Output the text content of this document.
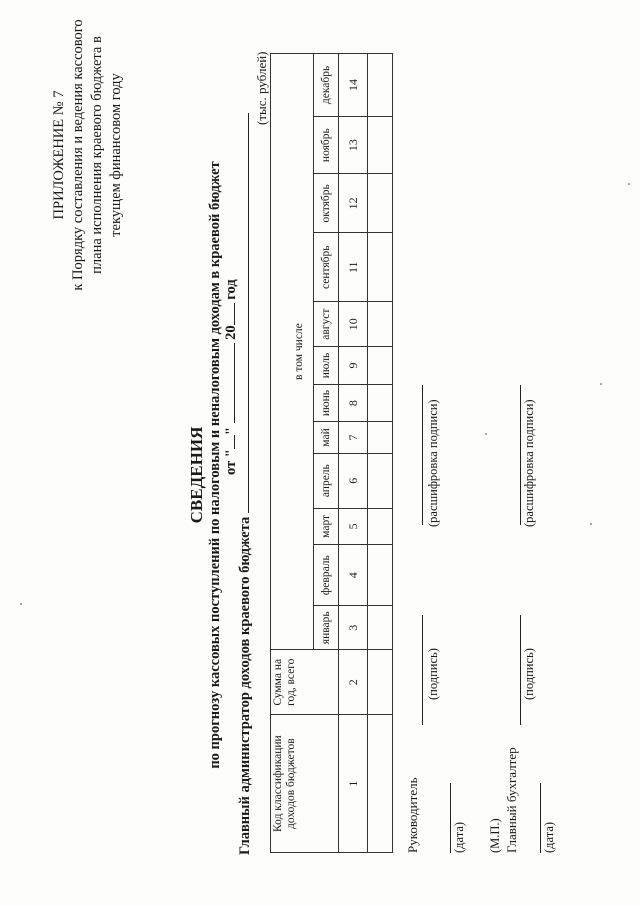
ПРИЛОЖЕНИЕ № 7 к Порядку составления и ведения кассового плана исполнения краевого бюджета в текущем финансовом году
СВЕДЕНИЯ по прогнозу кассовых поступлений по налоговым и неналоговым доходам в краевой бюджет от ""  20 год
Главный администратор доходов краевого бюджета
(тыс. рублей)
Код классификации доходов бюджетов	Сумма на год, всего												
		в том числе											
		январь	февраль	март	апрель	май	июнь	июль	август	сентябрь	октябрь	ноябрь	декабрь
1	2	3	4	5	6	7	8	9	10	11	12	13	14

Руководитель
(подпись)
(расшифровка подписи)
(дата) (М.П.) Главный бухгалтер
(подпись)
(расшифровка подписи)
(дата)
